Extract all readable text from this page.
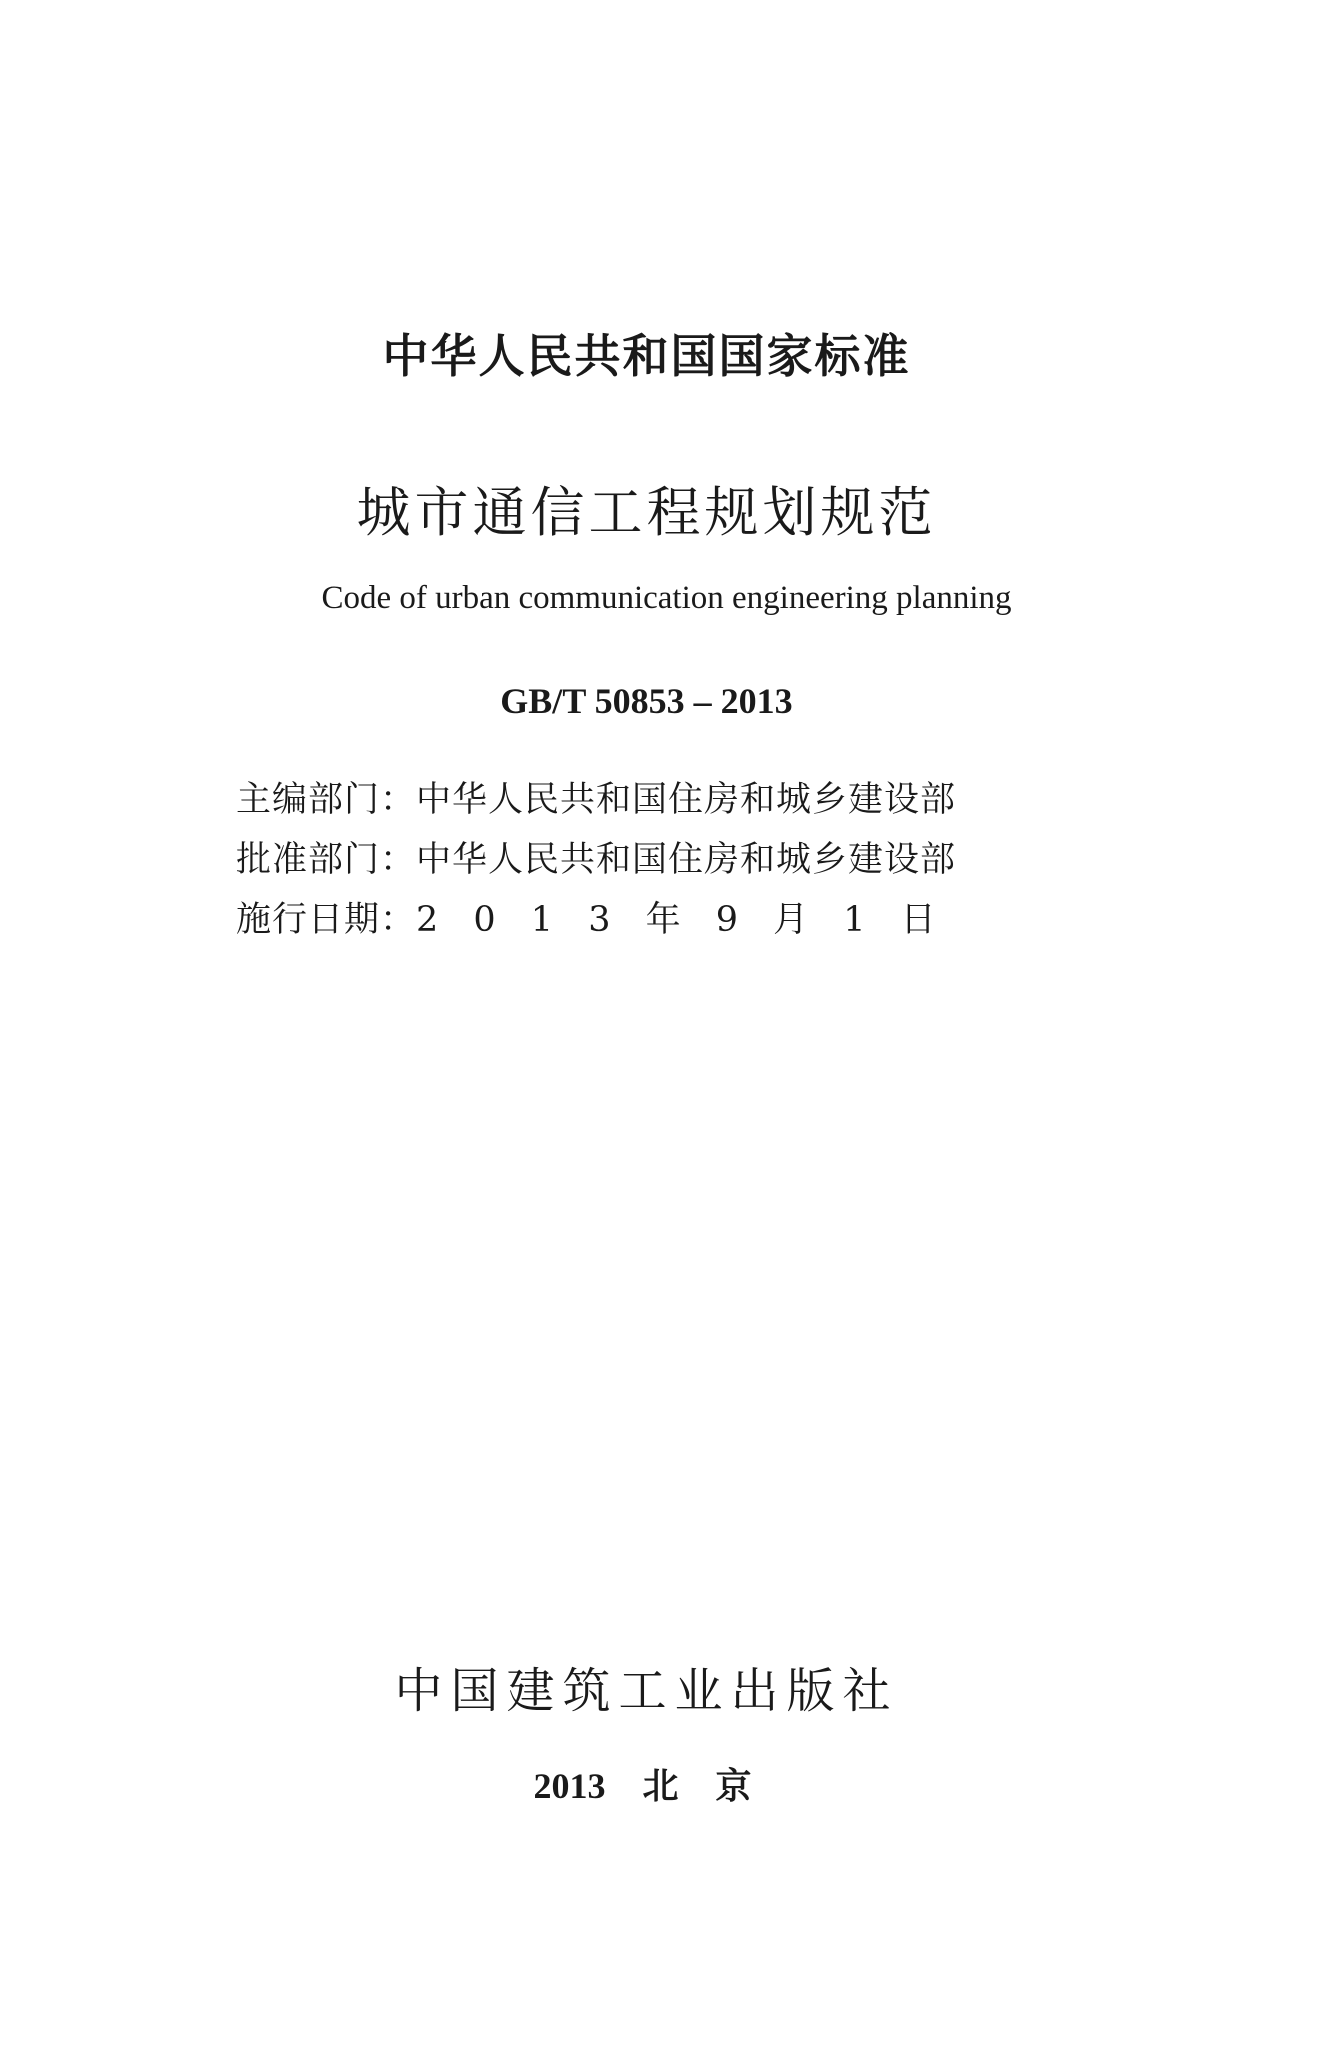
中华人民共和国国家标准
城市通信工程规划规范
Code of urban communication engineering planning
GB/T 50853 – 2013
主编部门：中华人民共和国住房和城乡建设部
批准部门：中华人民共和国住房和城乡建设部
施行日期：2 0 1 3 年 9 月 1 日
中国建筑工业出版社
2013 北 京
